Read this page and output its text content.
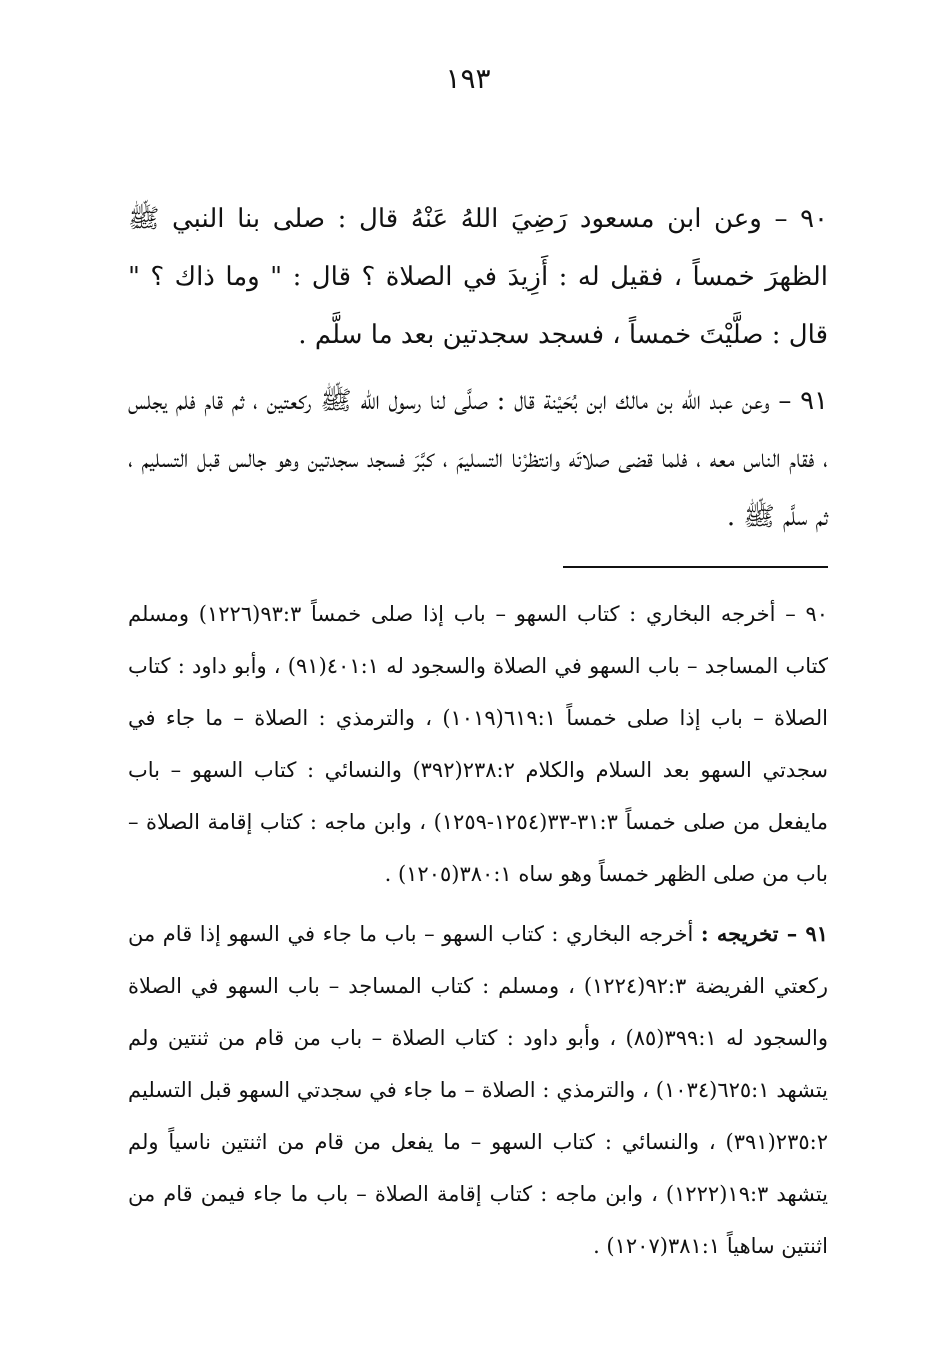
١٩٣

٩٠ – وعن ابن مسعود رَضِيَ اللهُ عَنْهُ قال : صلى بنا النبي ﷺ الظهرَ خمساً ، فقيل له : أَزِيدَ في الصلاة ؟ قال : " وما ذاك ؟ " قال : صلَّيْتَ خمساً ، فسجد سجدتين بعد ما سلَّم .

٩١ – وعن عبد الله بن مالك ابن بُحَيْنة قال : صلَّى لنا رسول الله ﷺ ركعتين ، ثم قام فلم يجلس ، فقام الناس معه ، فلما قضى صلاتَه وانتظرْنا التسليمَ ، كبَّرَ فسجد سجدتين وهو جالس قبل التسليم ، ثم سلَّم ﷺ .

٩٠ – أخرجه البخاري : كتاب السهو – باب إذا صلى خمساً ٩٣:٣(١٢٢٦) ومسلم كتاب المساجد – باب السهو في الصلاة والسجود له ٤٠١:١(٩١) ، وأبو داود : كتاب الصلاة – باب إذا صلى خمساً ٦١٩:١(١٠١٩) ، والترمذي : الصلاة – ما جاء في سجدتي السهو بعد السلام والكلام ٢٣٨:٢(٣٩٢) والنسائي : كتاب السهو – باب مايفعل من صلى خمساً ٣١:٣-٣٣(١٢٥٤-١٢٥٩) ، وابن ماجه : كتاب إقامة الصلاة – باب من صلى الظهر خمساً وهو ساه ٣٨٠:١(١٢٠٥) .

٩١ – تخريجه : أخرجه البخاري : كتاب السهو – باب ما جاء في السهو إذا قام من ركعتي الفريضة ٩٢:٣(١٢٢٤) ، ومسلم : كتاب المساجد – باب السهو في الصلاة والسجود له ٣٩٩:١(٨٥) ، وأبو داود : كتاب الصلاة – باب من قام من ثنتين ولم يتشهد ٦٢٥:١(١٠٣٤) ، والترمذي : الصلاة – ما جاء في سجدتي السهو قبل التسليم ٢٣٥:٢(٣٩١) ، والنسائي : كتاب السهو – ما يفعل من قام من اثنتين ناسياً ولم يتشهد ١٩:٣(١٢٢٢) ، وابن ماجه : كتاب إقامة الصلاة – باب ما جاء فيمن قام من اثنتين ساهياً ٣٨١:١(١٢٠٧) .
